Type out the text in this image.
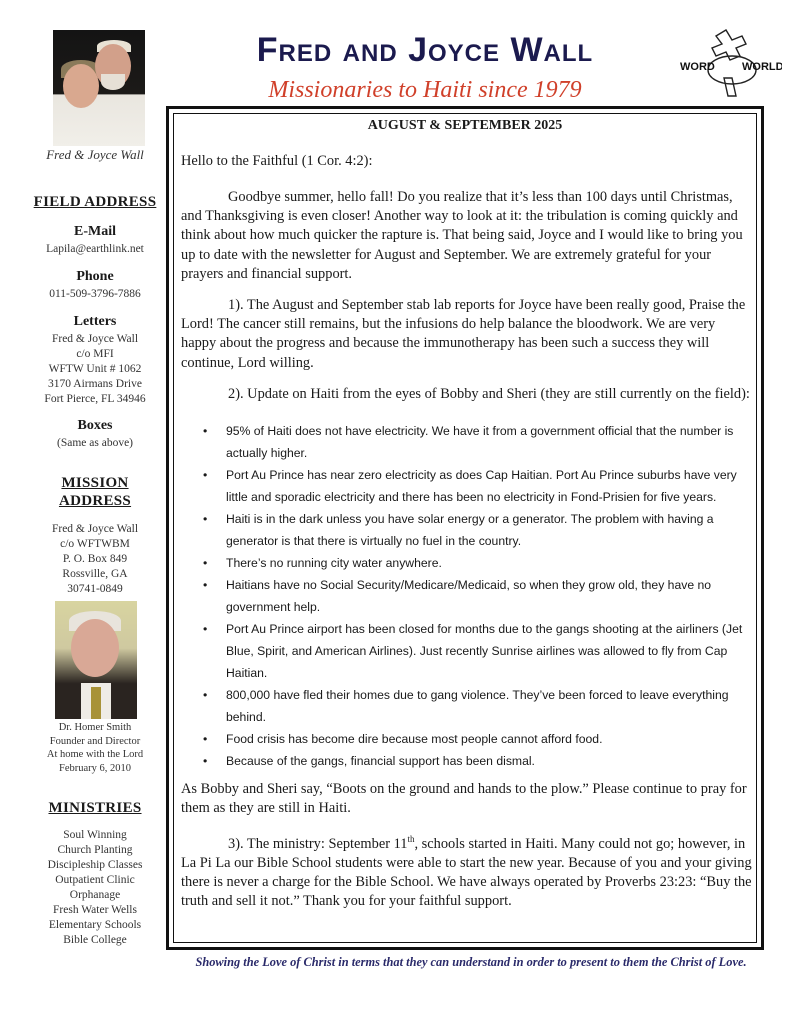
Fred and Joyce Wall
Missionaries to Haiti since 1979
WORD WORLD
Fred & Joyce Wall
FIELD ADDRESS
E-Mail
Lapila@earthlink.net
Phone
011-509-3796-7886
Letters
Fred & Joyce Wall
c/o MFI
WFTW Unit # 1062
3170 Airmans Drive
Fort Pierce, FL 34946
Boxes
(Same as above)
MISSION
ADDRESS
Fred & Joyce Wall
c/o WFTWBM
P. O. Box 849
Rossville, GA
30741-0849
Dr. Homer Smith
Founder and Director
At home with the Lord
February 6, 2010
MINISTRIES
Soul Winning
Church Planting
Discipleship Classes
Outpatient Clinic
Orphanage
Fresh Water Wells
Elementary Schools
Bible College
AUGUST & SEPTEMBER 2025
Hello to the Faithful (1 Cor. 4:2):
Goodbye summer, hello fall! Do you realize that it’s less than 100 days until Christmas, and Thanksgiving is even closer! Another way to look at it: the tribulation is coming quickly and think about how much quicker the rapture is. That being said, Joyce and I would like to bring you up to date with the newsletter for August and September. We are extremely grateful for your prayers and financial support.
1). The August and September stab lab reports for Joyce have been really good, Praise the Lord! The cancer still remains, but the infusions do help balance the bloodwork. We are very happy about the progress and because the immunotherapy has been such a success they will continue, Lord willing.
2). Update on Haiti from the eyes of Bobby and Sheri (they are still currently on the field):
• 95% of Haiti does not have electricity. We have it from a government official that the number is actually higher.
• Port Au Prince has near zero electricity as does Cap Haitian. Port Au Prince suburbs have very little and sporadic electricity and there has been no electricity in Fond-Prisien for five years.
• Haiti is in the dark unless you have solar energy or a generator. The problem with having a generator is that there is virtually no fuel in the country.
• There’s no running city water anywhere.
• Haitians have no Social Security/Medicare/Medicaid, so when they grow old, they have no government help.
• Port Au Prince airport has been closed for months due to the gangs shooting at the airliners (Jet Blue, Spirit, and American Airlines). Just recently Sunrise airlines was allowed to fly from Cap Haitian.
• 800,000 have fled their homes due to gang violence. They’ve been forced to leave everything behind.
• Food crisis has become dire because most people cannot afford food.
• Because of the gangs, financial support has been dismal.
As Bobby and Sheri say, “Boots on the ground and hands to the plow.” Please continue to pray for them as they are still in Haiti.
3). The ministry: September 11th, schools started in Haiti. Many could not go; however, in La Pi La our Bible School students were able to start the new year. Because of you and your giving there is never a charge for the Bible School. We have always operated by Proverbs 23:23: “Buy the truth and sell it not.” Thank you for your faithful support.
Showing the Love of Christ in terms that they can understand in order to present to them the Christ of Love.
